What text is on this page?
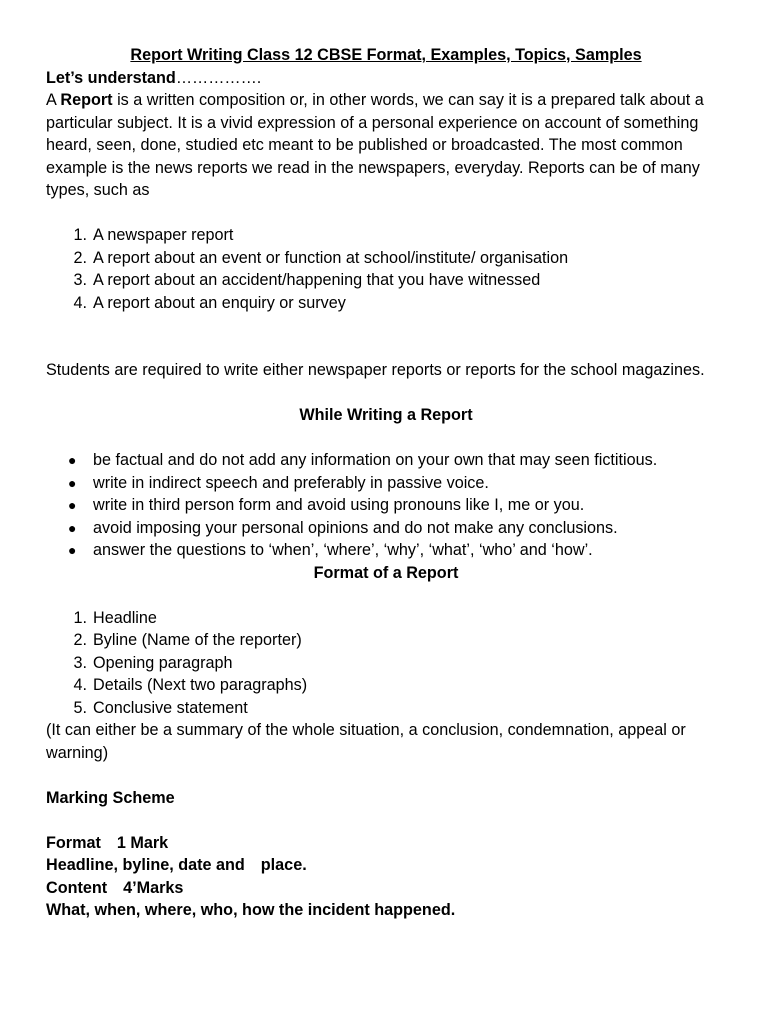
Report Writing Class 12 CBSE Format, Examples, Topics, Samples

Let’s understand…………….

A Report is a written composition or, in other words, we can say it is a prepared talk about a particular subject. It is a vivid expression of a personal experience on account of something heard, seen, done, studied etc meant to be published or broadcasted. The most common example is the news reports we read in the newspapers, everyday. Reports can be of many types, such as

1. A newspaper report
2. A report about an event or function at school/institute/ organisation
3. A report about an accident/happening that you have witnessed
4. A report about an enquiry or survey

Students are required to write either newspaper reports or reports for the school magazines.

While Writing a Report

● be factual and do not add any information on your own that may seen fictitious.
● write in indirect speech and preferably in passive voice.
● write in third person form and avoid using pronouns like I, me or you.
● avoid imposing your personal opinions and do not make any conclusions.
● answer the questions to ‘when’, ‘where’, ‘why’, ‘what’, ‘who’ and ‘how’.

Format of a Report

1. Headline
2. Byline (Name of the reporter)
3. Opening paragraph
4. Details (Next two paragraphs)
5. Conclusive statement

(It can either be a summary of the whole situation, a conclusion, condemnation, appeal or warning)

Marking Scheme

Format 1 Mark

Headline, byline, date and place.

Content 4’Marks

What, when, where, who, how the incident happened.
